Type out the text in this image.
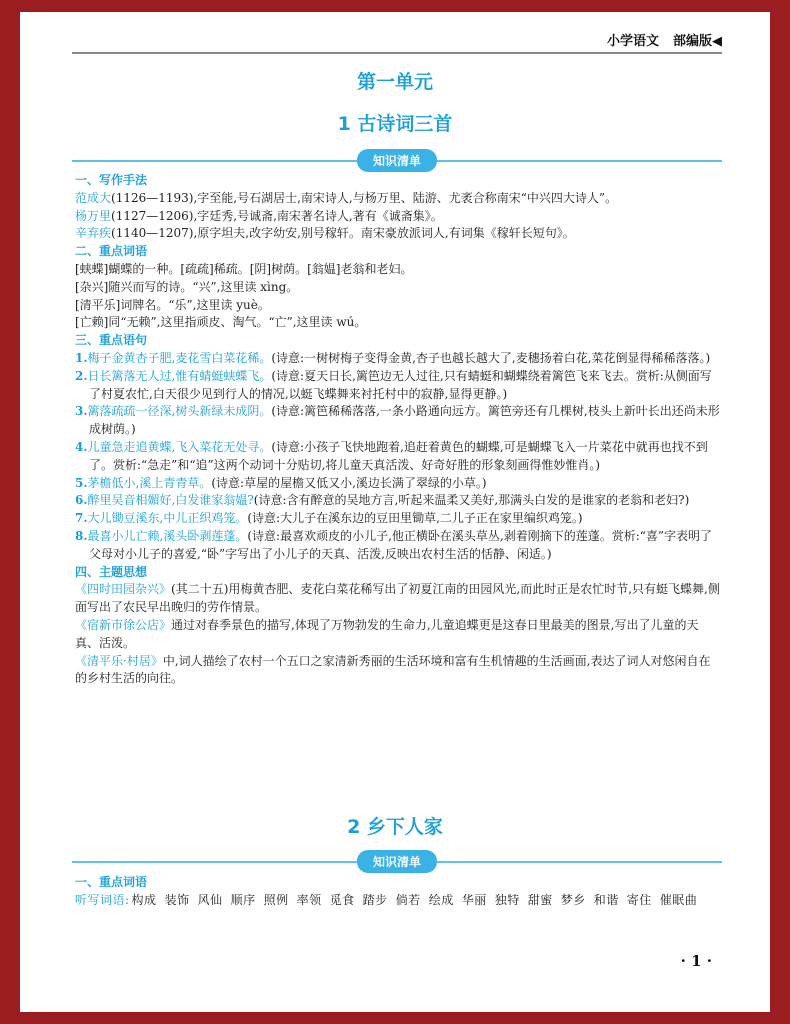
小学语文 部编版◀
第一单元
1 古诗词三首
知识清单
一、写作手法
范成大(1126—1193),字至能,号石湖居士,南宋诗人,与杨万里、陆游、尤袤合称南宋“中兴四大诗人”。
杨万里(1127—1206),字廷秀,号诚斋,南宋著名诗人,著有《诚斋集》。
辛弃疾(1140—1207),原字坦夫,改字幼安,别号稼轩。南宋豪放派词人,有词集《稼轩长短句》。
二、重点词语
[蛱蝶]蝴蝶的一种。[疏疏]稀疏。[阴]树荫。[翁媪]老翁和老妇。
[杂兴]随兴而写的诗。“兴”,这里读 xìng。
[清平乐]词牌名。“乐”,这里读 yuè。
[亡赖]同“无赖”,这里指顽皮、淘气。“亡”,这里读 wú。
三、重点语句
1.梅子金黄杏子肥,麦花雪白菜花稀。(诗意:一树树梅子变得金黄,杏子也越长越大了,麦穗扬着白花,菜花倒显得稀稀落落。)
2.日长篱落无人过,惟有蜻蜓蛱蝶飞。(诗意:夏天日长,篱笆边无人过往,只有蜻蜓和蝴蝶绕着篱笆飞来飞去。赏析:从侧面写了村夏农忙,白天很少见到行人的情况,以蜓飞蝶舞来衬托村中的寂静,显得更静。)
3.篱落疏疏一径深,树头新绿未成阴。(诗意:篱笆稀稀落落,一条小路通向远方。篱笆旁还有几棵树,枝头上新叶长出还尚未形成树荫。)
4.儿童急走追黄蝶,飞入菜花无处寻。(诗意:小孩子飞快地跑着,追赶着黄色的蝴蝶,可是蝴蝶飞入一片菜花中就再也找不到了。赏析:“急走”和“追”这两个动词十分贴切,将儿童天真活泼、好奇好胜的形象刻画得惟妙惟肖。)
5.茅檐低小,溪上青青草。(诗意:草屋的屋檐又低又小,溪边长满了翠绿的小草。)
6.醉里吴音相媚好,白发谁家翁媪?(诗意:含有醉意的吴地方言,听起来温柔又美好,那满头白发的是谁家的老翁和老妇?)
7.大儿锄豆溪东,中儿正织鸡笼。(诗意:大儿子在溪东边的豆田里锄草,二儿子正在家里编织鸡笼。)
8.最喜小儿亡赖,溪头卧剥莲蓬。(诗意:最喜欢顽皮的小儿子,他正横卧在溪头草丛,剥着刚摘下的莲蓬。赏析:“喜”字表明了父母对小儿子的喜爱,“卧”字写出了小儿子的天真、活泼,反映出农村生活的恬静、闲适。)
四、主题思想
《四时田园杂兴》(其二十五)用梅黄杏肥、麦花白菜花稀写出了初夏江南的田园风光,而此时正是农忙时节,只有蜓飞蝶舞,侧面写出了农民早出晚归的劳作情景。
《宿新市徐公店》通过对春季景色的描写,体现了万物勃发的生命力,儿童追蝶更是这春日里最美的图景,写出了儿童的天真、活泼。
《清平乐·村居》中,词人描绘了农村一个五口之家清新秀丽的生活环境和富有生机情趣的生活画面,表达了词人对悠闲自在的乡村生活的向往。
2 乡下人家
知识清单
一、重点词语
听写词语: 构成 装饰 风仙 顺序 照例 率领 觅食 踏步 倘若 绘成 华丽 独特 甜蜜 梦乡 和谐 寄住 催眠曲
· 1 ·
